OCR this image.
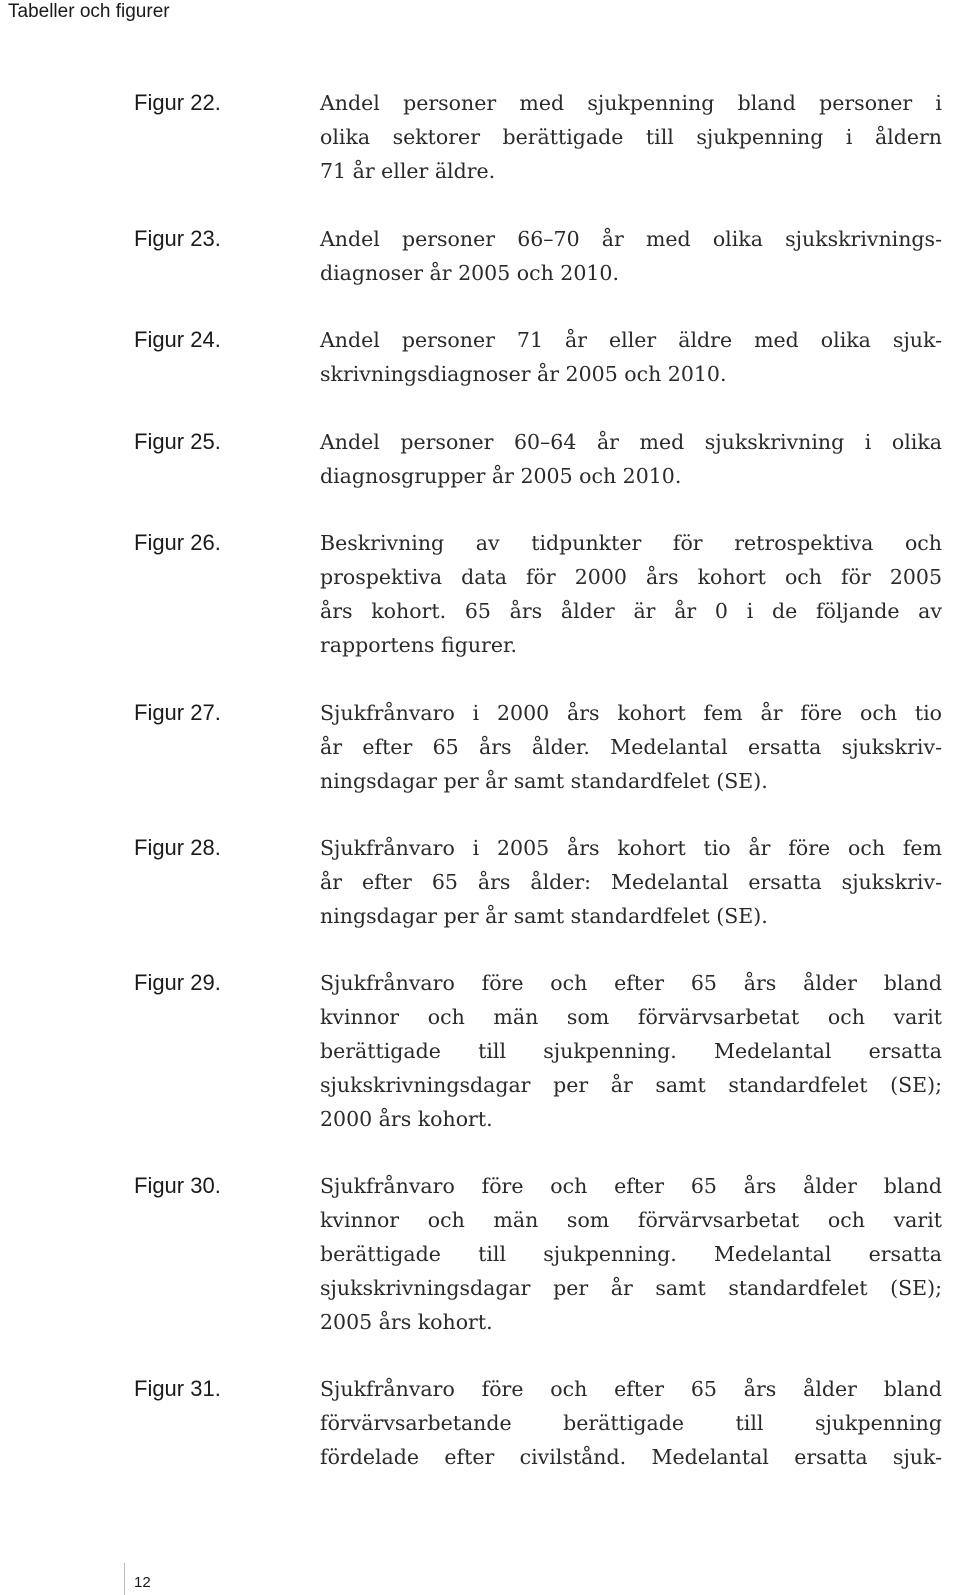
Tabeller och figurer
Figur 22.	Andel personer med sjukpenning bland personer i
olika sektorer berättigade till sjukpenning i åldern
71 år eller äldre.
Figur 23.	Andel personer 66–70 år med olika sjukskrivnings-
diagnoser år 2005 och 2010.
Figur 24.	Andel personer 71 år eller äldre med olika sjuk-
skrivningsdiagnoser år 2005 och 2010.
Figur 25.	Andel personer 60–64 år med sjukskrivning i olika
diagnosgrupper år 2005 och 2010.
Figur 26.	Beskrivning av tidpunkter för retrospektiva och
prospektiva data för 2000 års kohort och för 2005
års kohort. 65 års ålder är år 0 i de följande av
rapportens figurer.
Figur 27.	Sjukfrånvaro i 2000 års kohort fem år före och tio
år efter 65 års ålder. Medelantal ersatta sjukskriv-
ningsdagar per år samt standardfelet (SE).
Figur 28.	Sjukfrånvaro i 2005 års kohort tio år före och fem
år efter 65 års ålder: Medelantal ersatta sjukskriv-
ningsdagar per år samt standardfelet (SE).
Figur 29.	Sjukfrånvaro före och efter 65 års ålder bland
kvinnor och män som förvärvsarbetat och varit
berättigade till sjukpenning. Medelantal ersatta
sjukskrivningsdagar per år samt standardfelet (SE);
2000 års kohort.
Figur 30.	Sjukfrånvaro före och efter 65 års ålder bland
kvinnor och män som förvärvsarbetat och varit
berättigade till sjukpenning. Medelantal ersatta
sjukskrivningsdagar per år samt standardfelet (SE);
2005 års kohort.
Figur 31.	Sjukfrånvaro före och efter 65 års ålder bland
förvärvsarbetande berättigade till sjukpenning
fördelade efter civilstånd. Medelantal ersatta sjuk-
12
